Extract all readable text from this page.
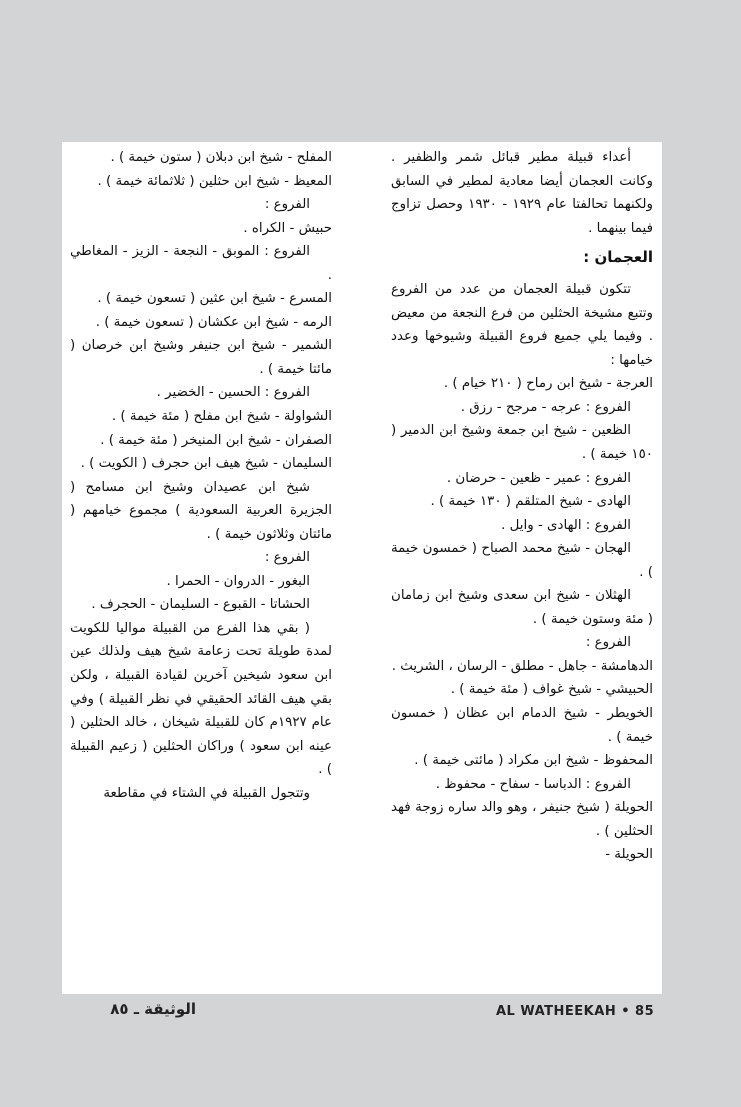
أعداء قبيلة مطير قبائل شمر والظفير . وكانت العجمان أيضا معادية لمطير في السابق ولكنهما تحالفتا عام ١٩٢٩ - ١٩٣٠ وحصل تزاوج فيما بينهما .

العجمان :

تتكون قبيلة العجمان من عدد من الفروع وتتبع مشيخة الحثلين من فرع النجعة من معيض . وفيما يلي جميع فروع القبيلة وشيوخها وعدد خيامها :

العرجة - شيخ ابن رماح ( ٢١٠ خيام ) .

الفروع : عرجه - مرجح - رزق .

الظعين - شيخ ابن جمعة وشيخ ابن الدمير ( ١٥٠ خيمة ) .

الفروع : عمير - ظعين - حرضان .

الهادى - شيخ المتلقم ( ١٣٠ خيمة ) .

الفروع : الهادى - وايل .

الهجان - شيخ محمد الصباح ( خمسون خيمة ) .

الهثلان - شيخ ابن سعدى وشيخ ابن زمامان ( مئة وستون خيمة ) .

الفروع :

الدهامشة - جاهل - مطلق - الرسان ، الشريث .

الحبيشي - شيخ غواف ( مئة خيمة ) .

الخويطر - شيخ الدمام ابن عظان ( خمسون خيمة ) .

المحفوظ - شيخ ابن مكراد ( مائتى خيمة ) .

الفروع : الدباسا - سفاح - محفوظ .

الحويلة ( شيخ جنيفر ، وهو والد ساره زوجة فهد الحثلين ) .

الحويلة -

المفلح - شيخ ابن دبلان ( ستون خيمة ) .

المعيظ - شيخ ابن حثلين ( ثلاثمائة خيمة ) .

الفروع :

حبيش - الكراه .

الفروع : الموبق - النجعة - الزيز - المغاطي .

المسرع - شيخ ابن عثين ( تسعون خيمة ) .

الرمه - شيخ ابن عكشان ( تسعون خيمة ) .

الشمير - شيخ ابن جنيفر وشيخ ابن خرصان ( مائتا خيمة ) .

الفروع : الحسين - الخضير .

الشواولة - شيخ ابن مفلح ( مئة خيمة ) .

الصفران - شيخ ابن المنيخر ( مئة خيمة ) .

السليمان - شيخ هيف ابن حجرف ( الكويت ) .

شيخ ابن عصيدان وشيخ ابن مسامح ( الجزيرة العربية السعودية ) مجموع خيامهم ( مائتان وثلاثون خيمة ) .

الفروع :

البغور - الدروان - الحمرا .

الحشاتا - القبوع - السليمان - الحجرف .

( بقي هذا الفرع من القبيلة مواليا للكويت لمدة طويلة تحت زعامة شيخ هيف ولذلك عين ابن سعود شيخين آخرين لقيادة القبيلة ، ولكن بقي هيف القائد الحقيقي في نظر القبيلة ) وفي عام ١٩٢٧م كان للقبيلة شيخان ، خالد الحثلين ( عينه ابن سعود ) وراكان الحثلين ( زعيم القبيلة ) .

وتتجول القبيلة في الشتاء في مقاطعة

AL WATHEEKAH • 85
الوثيقة ـ ٨٥
